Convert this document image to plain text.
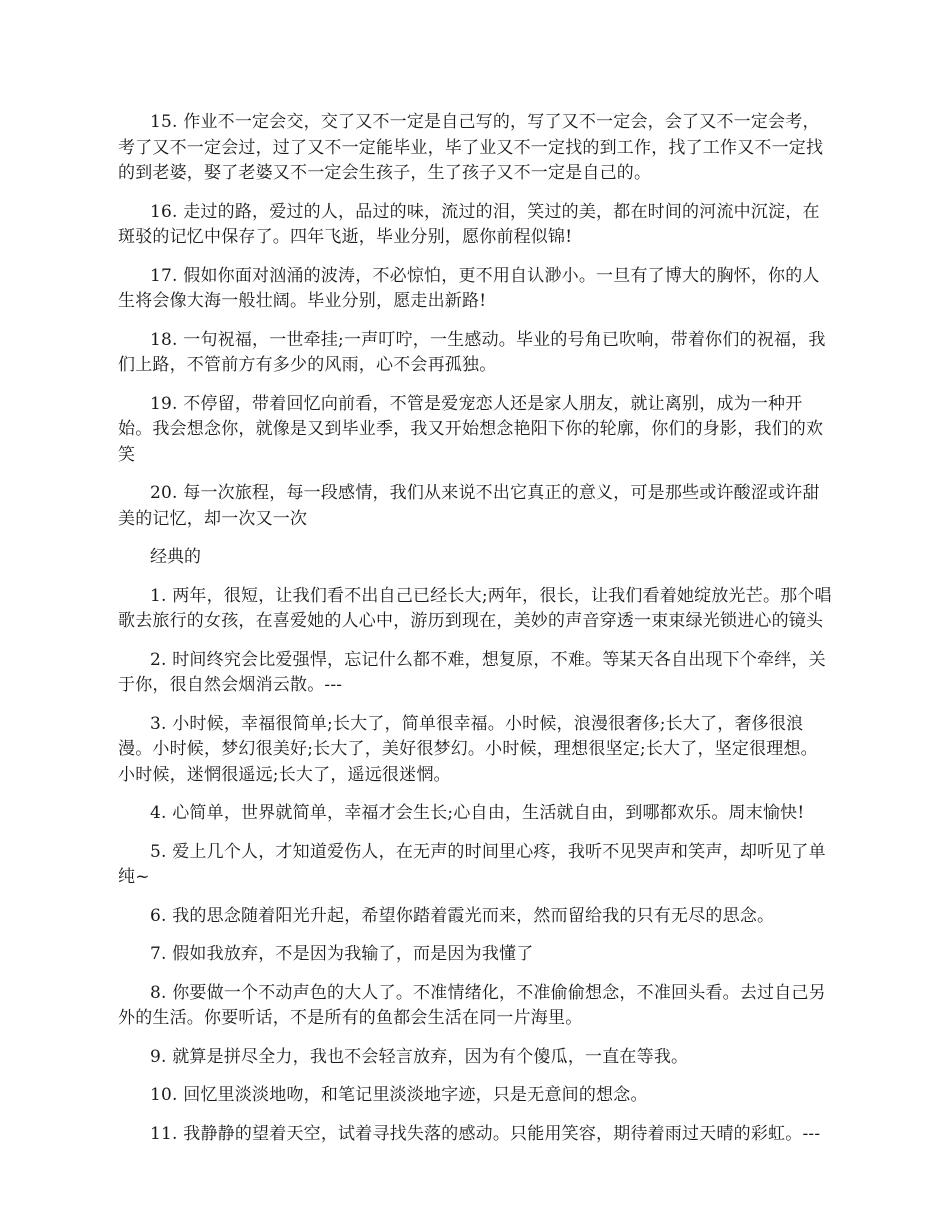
15. 作业不一定会交，交了又不一定是自己写的，写了又不一定会，会了又不一定会考，考了又不一定会过，过了又不一定能毕业，毕了业又不一定找的到工作，找了工作又不一定找的到老婆，娶了老婆又不一定会生孩子，生了孩子又不一定是自己的。

16. 走过的路，爱过的人，品过的味，流过的泪，笑过的美，都在时间的河流中沉淀，在斑驳的记忆中保存了。四年飞逝，毕业分别，愿你前程似锦!

17. 假如你面对汹涌的波涛，不必惊怕，更不用自认渺小。一旦有了博大的胸怀，你的人生将会像大海一般壮阔。毕业分别，愿走出新路!

18. 一句祝福，一世牵挂;一声叮咛，一生感动。毕业的号角已吹响，带着你们的祝福，我们上路，不管前方有多少的风雨，心不会再孤独。

19. 不停留，带着回忆向前看，不管是爱宠恋人还是家人朋友，就让离别，成为一种开始。我会想念你，就像是又到毕业季，我又开始想念艳阳下你的轮廓，你们的身影，我们的欢笑

20. 每一次旅程，每一段感情，我们从来说不出它真正的意义，可是那些或许酸涩或许甜美的记忆，却一次又一次

经典的

1. 两年，很短，让我们看不出自己已经长大;两年，很长，让我们看着她绽放光芒。那个唱歌去旅行的女孩，在喜爱她的人心中，游历到现在，美妙的声音穿透一束束绿光锁进心的镜头

2. 时间终究会比爱强悍，忘记什么都不难，想复原，不难。等某天各自出现下个牵绊，关于你，很自然会烟消云散。---

3. 小时候，幸福很简单;长大了，简单很幸福。小时候，浪漫很奢侈;长大了，奢侈很浪漫。小时候，梦幻很美好;长大了，美好很梦幻。小时候，理想很坚定;长大了，坚定很理想。小时候，迷惘很遥远;长大了，遥远很迷惘。

4. 心简单，世界就简单，幸福才会生长;心自由，生活就自由，到哪都欢乐。周末愉快!

5. 爱上几个人，才知道爱伤人，在无声的时间里心疼，我听不见哭声和笑声，却听见了单纯~

6. 我的思念随着阳光升起，希望你踏着霞光而来，然而留给我的只有无尽的思念。

7. 假如我放弃，不是因为我输了，而是因为我懂了

8. 你要做一个不动声色的大人了。不准情绪化，不准偷偷想念，不准回头看。去过自己另外的生活。你要听话，不是所有的鱼都会生活在同一片海里。

9. 就算是拼尽全力，我也不会轻言放弃，因为有个傻瓜，一直在等我。

10. 回忆里淡淡地吻，和笔记里淡淡地字迹，只是无意间的想念。

11. 我静静的望着天空，试着寻找失落的感动。只能用笑容，期待着雨过天晴的彩虹。---
